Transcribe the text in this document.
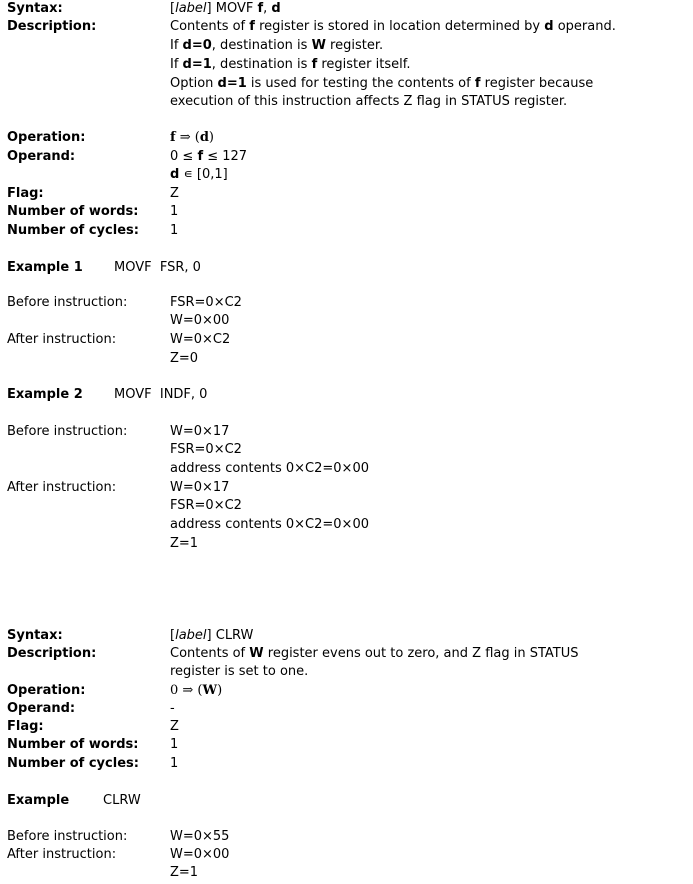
Syntax:	[label] MOVF f, d
Description:	Contents of f register is stored in location determined by d operand.
If d=0, destination is W register.
If d=1, destination is f register itself.
Option d=1 is used for testing the contents of f register because
execution of this instruction affects Z flag in STATUS register.
Operation:	f ⇒ (d)
Operand:	0 ≤ f ≤ 127
d ∊ [0,1]
Flag:	Z
Number of words: 1
Number of cycles: 1
Example 1 MOVF  FSR, 0
Before instruction:	FSR=0×C2
W=0×00
After instruction:	W=0×C2
Z=0
Example 2 MOVF  INDF, 0
Before instruction:	W=0×17
FSR=0×C2
address contents 0×C2=0×00
After instruction:	W=0×17
FSR=0×C2
address contents 0×C2=0×00
Z=1
Syntax:	[label] CLRW
Description:	Contents of W register evens out to zero, and Z flag in STATUS
register is set to one.
Operation:	0 ⇒ (W)
Operand:	-
Flag:	Z
Number of words: 1
Number of cycles: 1
Example	CLRW
Before instruction:	W=0×55
After instruction:	W=0×00
Z=1
